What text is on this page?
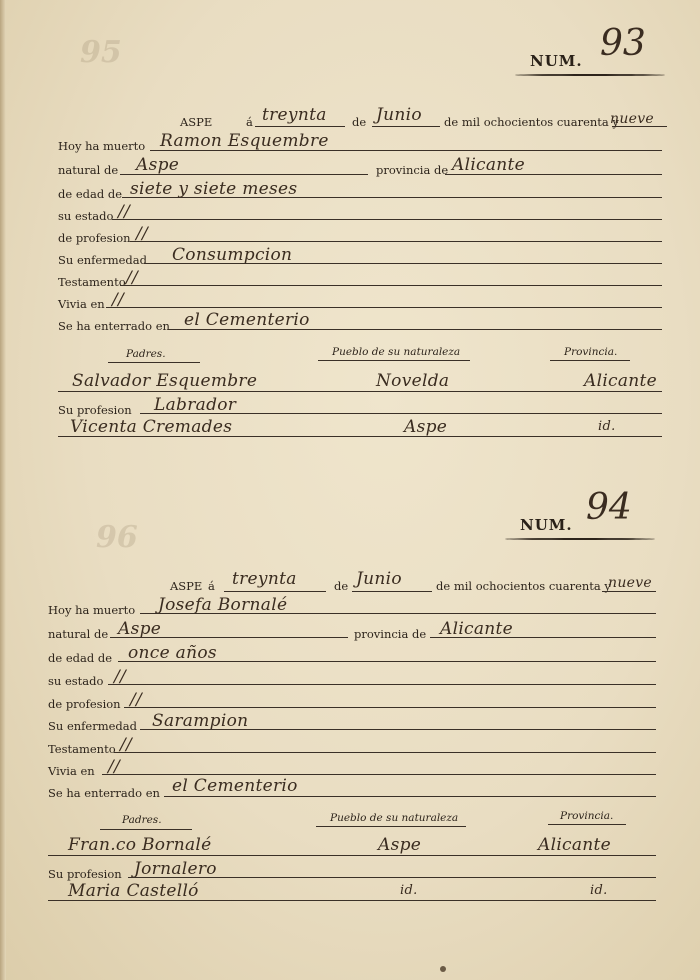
95	NUM. 93
ASPE	á treynta de Junio de mil ochocientos cuarenta y
nueve
Hoy ha muerto Ramon Esquembre
natural de Aspe	provincia de Alicante
de edad de siete y siete meses
su estado //
de profesion //
Su enfermedad Consumpcion
Testamento //
Vivia en //
Se ha enterrado en el Cementerio
Padres.	Pueblo de su naturaleza	Provincia.
Salvador Esquembre	Novelda	Alicante
Su profesion Labrador
Vicenta Cremades	Aspe	id.
96	NUM. 94
ASPE á treynta	de Junio	de mil ochocientos cuarenta y
nueve
Hoy ha muerto Josefa Bornalé
natural de Aspe	provincia de Alicante
de edad de once años
su estado //
de profesion //
Su enfermedad Sarampion
Testamento //
Vivia en //
Se ha enterrado en el Cementerio
Padres.	Pueblo de su naturaleza	Provincia.
Fran.co Bornalé	Aspe	Alicante
Su profesion Jornalero
Maria Castelló	id.	id.
